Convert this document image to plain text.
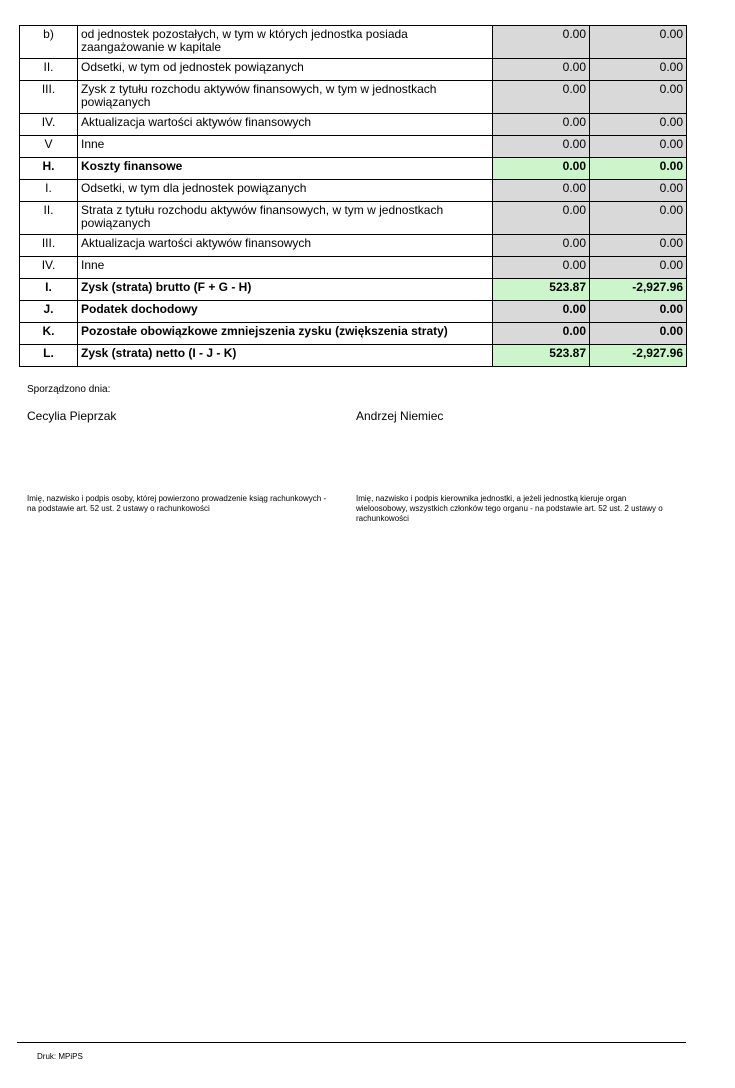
b)	od jednostek pozostałych, w tym w których jednostka posiada zaangażowanie w kapitale	0.00	0.00
II.	Odsetki, w tym od jednostek powiązanych	0.00	0.00
III.	Zysk z tytułu rozchodu aktywów finansowych, w tym w jednostkach powiązanych	0.00	0.00
IV.	Aktualizacja wartości aktywów finansowych	0.00	0.00
V	Inne	0.00	0.00
H.	Koszty finansowe	0.00	0.00
I.	Odsetki, w tym dla jednostek powiązanych	0.00	0.00
II.	Strata z tytułu rozchodu aktywów finansowych, w tym w jednostkach powiązanych	0.00	0.00
III.	Aktualizacja wartości aktywów finansowych	0.00	0.00
IV.	Inne	0.00	0.00
I.	Zysk (strata) brutto (F + G - H)	523.87	-2,927.96
J.	Podatek dochodowy	0.00	0.00
K.	Pozostałe obowiązkowe zmniejszenia zysku (zwiększenia straty)	0.00	0.00
L.	Zysk (strata) netto (I - J - K)	523.87	-2,927.96
Sporządzono dnia:
Cecylia Pieprzak	Andrzej Niemiec
Imię, nazwisko i podpis osoby, której powierzono prowadzenie ksiąg rachunkowych - na podstawie art. 52 ust. 2 ustawy o rachunkowości
Imię, nazwisko i podpis kierownika jednostki, a jeżeli jednostką kieruje organ wieloosobowy, wszystkich członków tego organu - na podstawie art. 52 ust. 2 ustawy o rachunkowości
Druk: MPiPS
